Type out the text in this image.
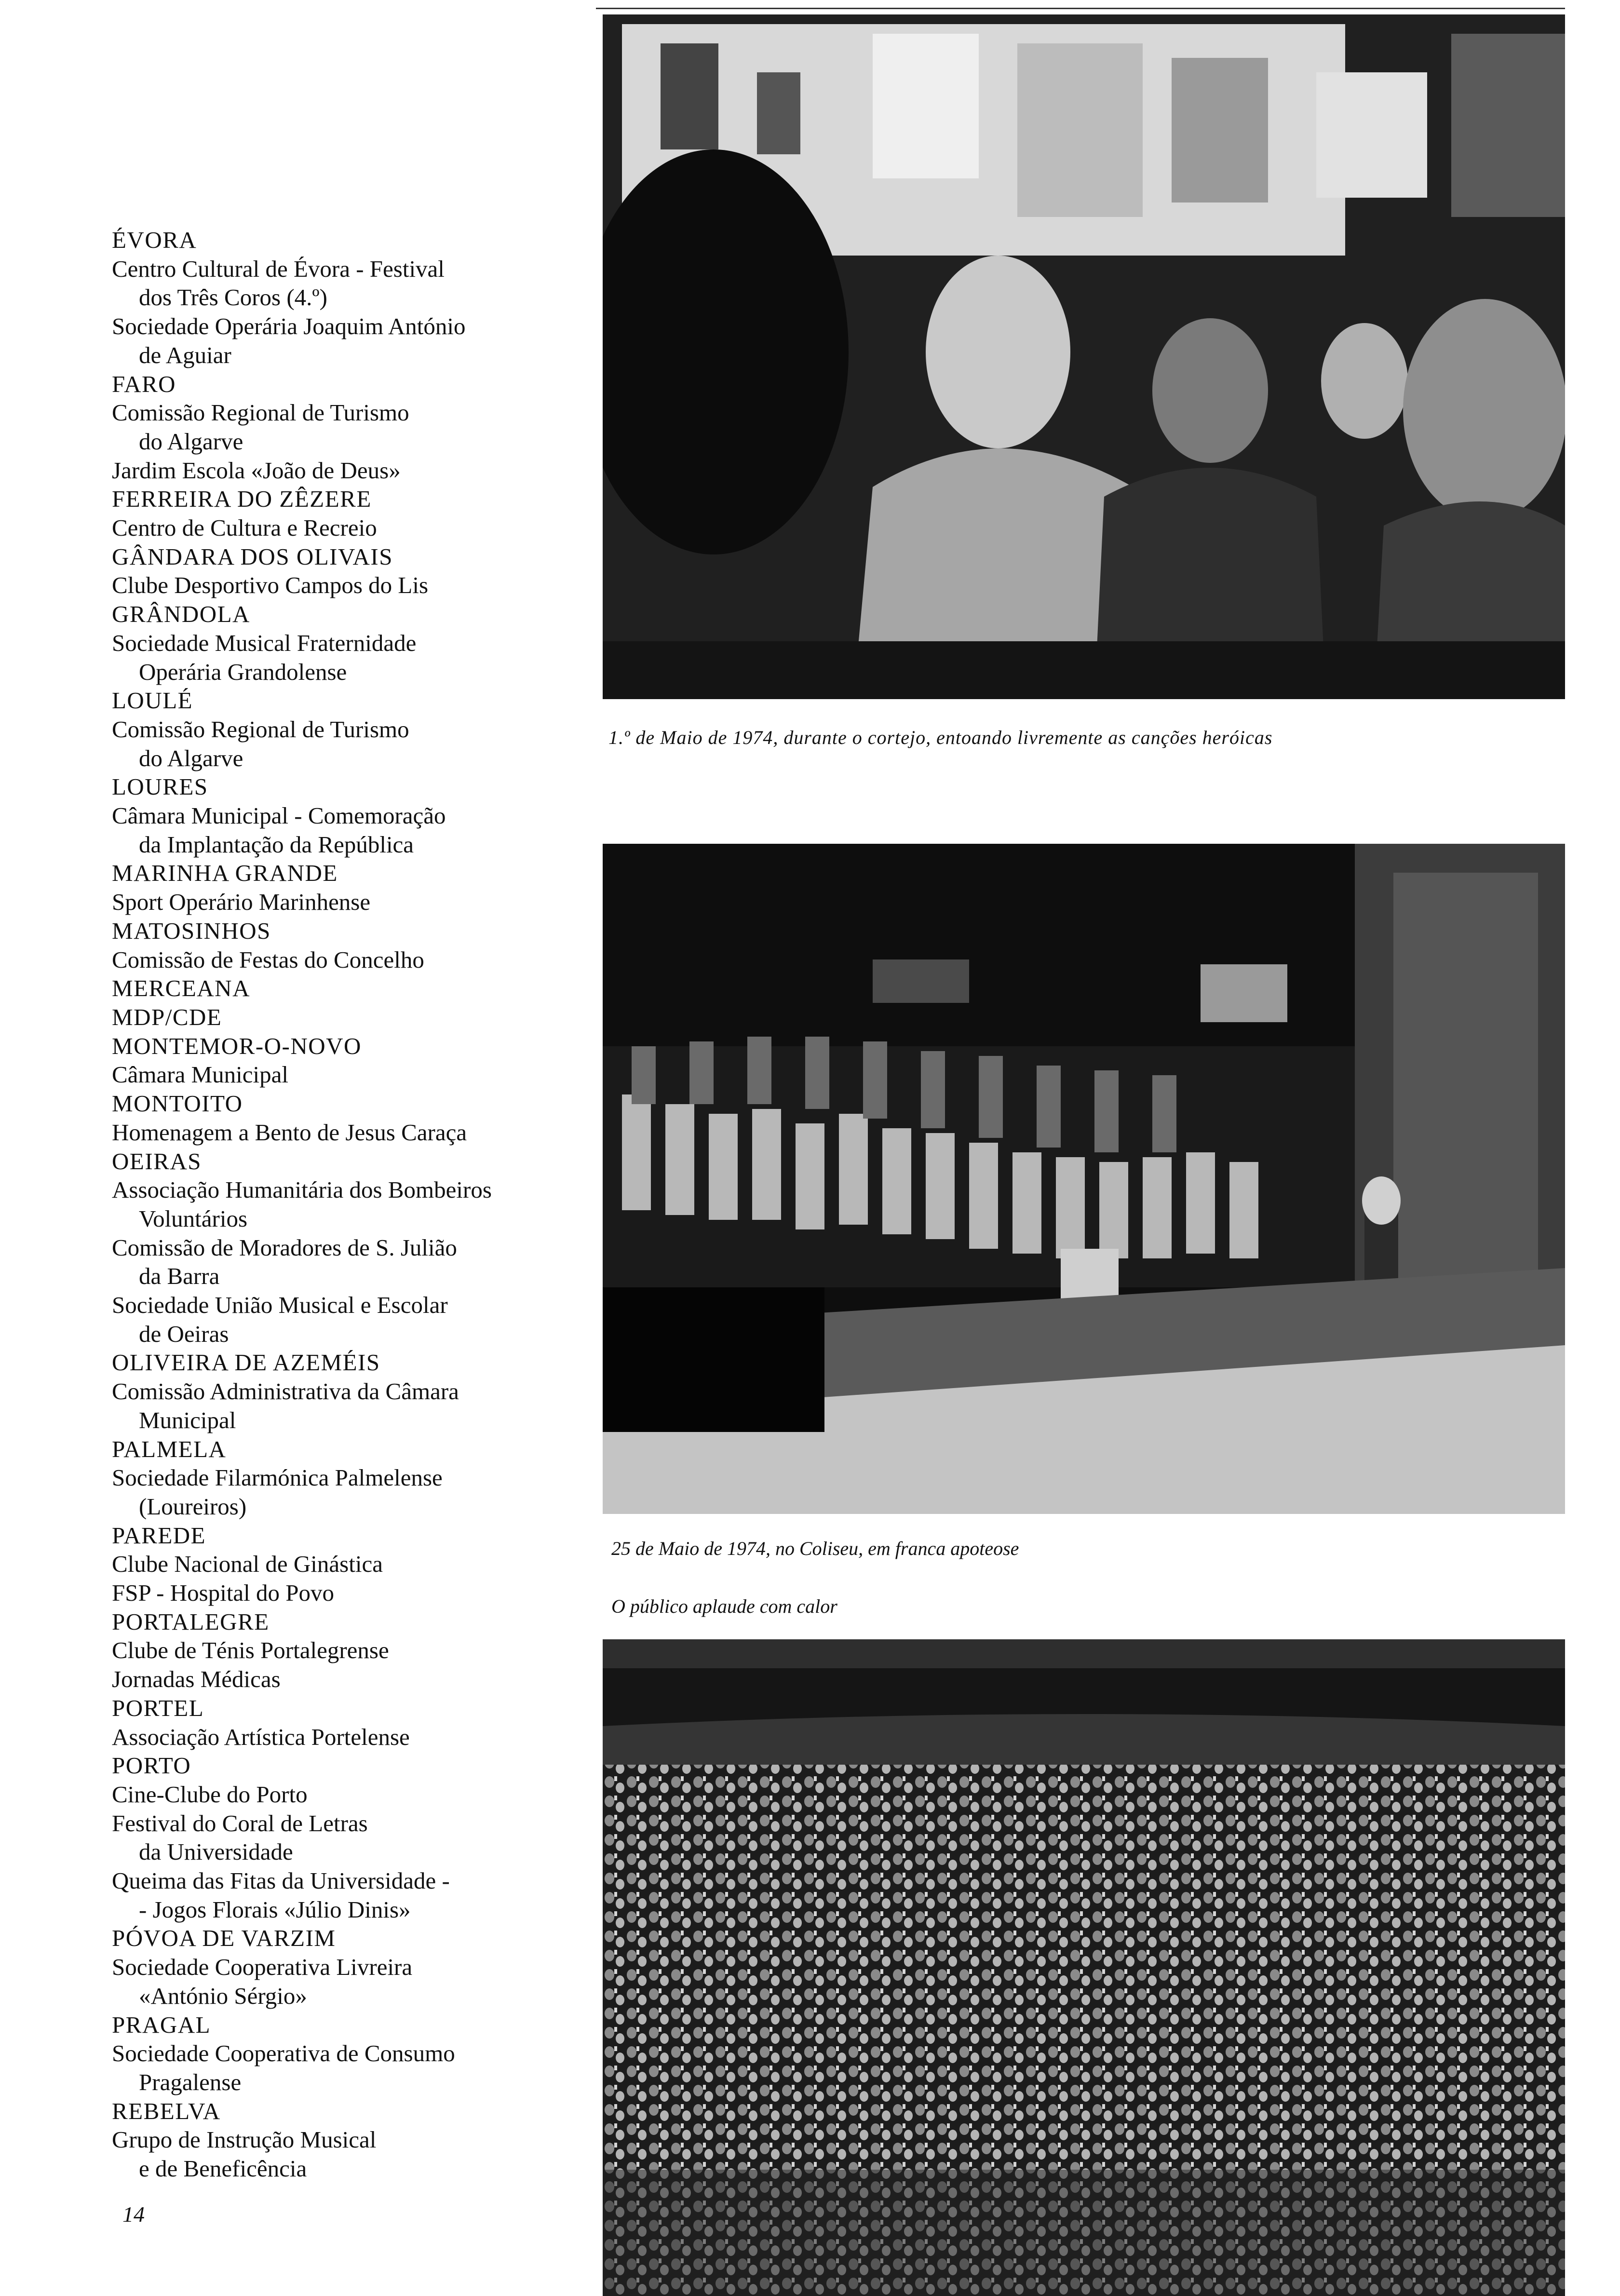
ÉVORA
Centro Cultural de Évora - Festival
dos Três Coros (4.º)
Sociedade Operária Joaquim António
de Aguiar
FARO
Comissão Regional de Turismo
do Algarve
Jardim Escola «João de Deus»
FERREIRA DO ZÊZERE
Centro de Cultura e Recreio
GÂNDARA DOS OLIVAIS
Clube Desportivo Campos do Lis
GRÂNDOLA
Sociedade Musical Fraternidade
Operária Grandolense
LOULÉ
Comissão Regional de Turismo
do Algarve
LOURES
Câmara Municipal - Comemoração
da Implantação da República
MARINHA GRANDE
Sport Operário Marinhense
MATOSINHOS
Comissão de Festas do Concelho
MERCEANA
MDP/CDE
MONTEMOR-O-NOVO
Câmara Municipal
MONTOITO
Homenagem a Bento de Jesus Caraça
OEIRAS
Associação Humanitária dos Bombeiros
Voluntários
Comissão de Moradores de S. Julião
da Barra
Sociedade União Musical e Escolar
de Oeiras
OLIVEIRA DE AZEMÉIS
Comissão Administrativa da Câmara
Municipal
PALMELA
Sociedade Filarmónica Palmelense
(Loureiros)
PAREDE
Clube Nacional de Ginástica
FSP - Hospital do Povo
PORTALEGRE
Clube de Ténis Portalegrense
Jornadas Médicas
PORTEL
Associação Artística Portelense
PORTO
Cine-Clube do Porto
Festival do Coral de Letras
da Universidade
Queima das Fitas da Universidade -
- Jogos Florais «Júlio Dinis»
PÓVOA DE VARZIM
Sociedade Cooperativa Livreira
«António Sérgio»
PRAGAL
Sociedade Cooperativa de Consumo
Pragalense
REBELVA
Grupo de Instrução Musical
e de Beneficência
14
1.º de Maio de 1974, durante o cortejo, entoando livremente as canções heróicas
25 de Maio de 1974, no Coliseu, em franca apoteose
O público aplaude com calor
